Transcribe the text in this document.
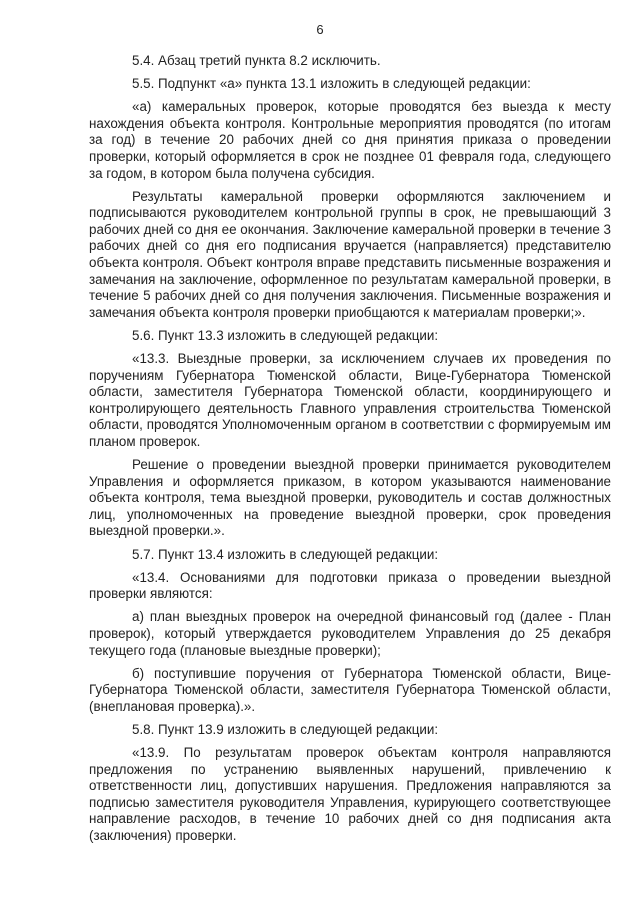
6

5.4. Абзац третий пункта 8.2 исключить.

5.5. Подпункт «а» пункта 13.1 изложить в следующей редакции:

«а) камеральных проверок, которые проводятся без выезда к месту нахождения объекта контроля. Контрольные мероприятия проводятся (по итогам за год) в течение 20 рабочих дней со дня принятия приказа о проведении проверки, который оформляется в срок не позднее 01 февраля года, следующего за годом, в котором была получена субсидия.

Результаты камеральной проверки оформляются заключением и подписываются руководителем контрольной группы в срок, не превышающий 3 рабочих дней со дня ее окончания. Заключение камеральной проверки в течение 3 рабочих дней со дня его подписания вручается (направляется) представителю объекта контроля. Объект контроля вправе представить письменные возражения и замечания на заключение, оформленное по результатам камеральной проверки, в течение 5 рабочих дней со дня получения заключения. Письменные возражения и замечания объекта контроля проверки приобщаются к материалам проверки;».

5.6. Пункт 13.3 изложить в следующей редакции:

«13.3. Выездные проверки, за исключением случаев их проведения по поручениям Губернатора Тюменской области, Вице-Губернатора Тюменской области, заместителя Губернатора Тюменской области, координирующего и контролирующего деятельность Главного управления строительства Тюменской области, проводятся Уполномоченным органом в соответствии с формируемым им планом проверок.

Решение о проведении выездной проверки принимается руководителем Управления и оформляется приказом, в котором указываются наименование объекта контроля, тема выездной проверки, руководитель и состав должностных лиц, уполномоченных на проведение выездной проверки, срок проведения выездной проверки.».

5.7. Пункт 13.4 изложить в следующей редакции:

«13.4. Основаниями для подготовки приказа о проведении выездной проверки являются:

а) план выездных проверок на очередной финансовый год (далее - План проверок), который утверждается руководителем Управления до 25 декабря текущего года (плановые выездные проверки);

б) поступившие поручения от Губернатора Тюменской области, Вице-Губернатора Тюменской области, заместителя Губернатора Тюменской области, (внеплановая проверка).».

5.8. Пункт 13.9 изложить в следующей редакции:

«13.9. По результатам проверок объектам контроля направляются предложения по устранению выявленных нарушений, привлечению к ответственности лиц, допустивших нарушения. Предложения направляются за подписью заместителя руководителя Управления, курирующего соответствующее направление расходов, в течение 10 рабочих дней со дня подписания акта (заключения) проверки.
